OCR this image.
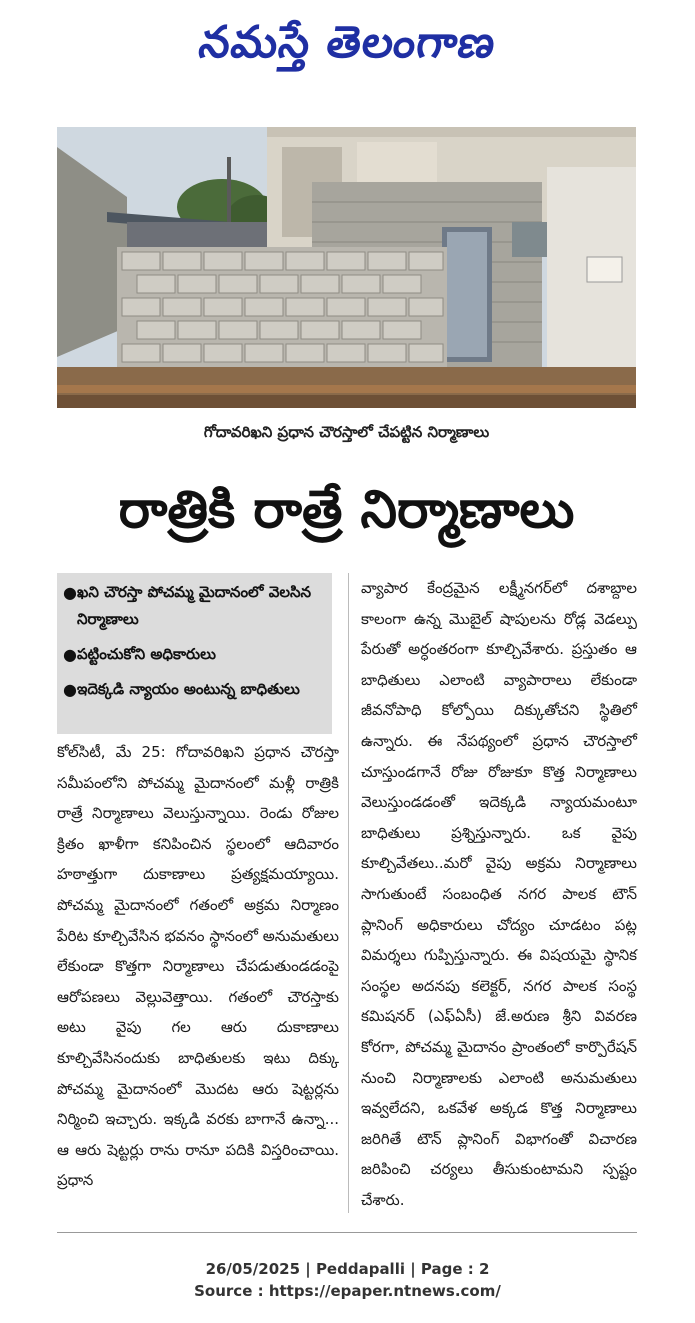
నమస్తే తెలంగాణ
గోదావరిఖని ప్రధాన చౌరస్తాలో చేపట్టిన నిర్మాణాలు
రాత్రికి రాత్రే నిర్మాణాలు
● ఖని చౌరస్తా పోచమ్మ మైదానంలో వెలసిన నిర్మాణాలు
● పట్టించుకోని అధికారులు
● ఇదెక్కడి న్యాయం అంటున్న బాధితులు
కోల్‌సిటీ, మే 25: గోదావరిఖని ప్రధాన చౌరస్తా సమీపంలోని పోచమ్మ మైదానంలో మళ్లీ రాత్రికి రాత్రే నిర్మాణాలు వెలుస్తున్నాయి. రెండు రోజుల క్రితం ఖాళీగా కనిపించిన స్థలంలో ఆదివారం హఠాత్తుగా దుకాణాలు ప్రత్యక్షమయ్యాయి. పోచమ్మ మైదానంలో గతంలో అక్రమ నిర్మాణం పేరిట కూల్చివేసిన భవనం స్థానంలో అనుమతులు లేకుండా కొత్తగా నిర్మాణాలు చేపడుతుండడంపై ఆరోపణలు వెల్లువెత్తాయి. గతంలో చౌరస్తాకు అటు వైపు గల ఆరు దుకాణాలు కూల్చివేసినందుకు బాధితులకు ఇటు దిక్కు పోచమ్మ మైదానంలో మొదట ఆరు షెట్టర్లను నిర్మించి ఇచ్చారు. ఇక్కడి వరకు బాగానే ఉన్నా... ఆ ఆరు షెట్టర్లు రాను రానూ పదికి విస్తరించాయి. ప్రధాన
వ్యాపార కేంద్రమైన లక్ష్మీనగర్‌లో దశాబ్దాల కాలంగా ఉన్న మొబైల్ షాపులను రోడ్ల వెడల్పు పేరుతో అర్ధంతరంగా కూల్చివేశారు. ప్రస్తుతం ఆ బాధితులు ఎలాంటి వ్యాపారాలు లేకుండా జీవనోపాధి కోల్పోయి దిక్కుతోచని స్థితిలో ఉన్నారు. ఈ నేపథ్యంలో ప్రధాన చౌరస్తాలో చూస్తుండగానే రోజు రోజుకూ కొత్త నిర్మాణాలు వెలుస్తుండడంతో ఇదెక్కడి న్యాయమంటూ బాధితులు ప్రశ్నిస్తున్నారు. ఒక వైపు కూల్చివేతలు..మరో వైపు అక్రమ నిర్మాణాలు సాగుతుంటే సంబంధిత నగర పాలక టౌన్ ప్లానింగ్ అధికారులు చోద్యం చూడటం పట్ల విమర్శలు గుప్పిస్తున్నారు. ఈ విషయమై స్థానిక సంస్థల అదనపు కలెక్టర్, నగర పాలక సంస్థ కమిషనర్ (ఎఫ్ఏసీ) జే.అరుణ శ్రీని వివరణ కోరగా, పోచమ్మ మైదానం ప్రాంతంలో కార్పొరేషన్ నుంచి నిర్మాణాలకు ఎలాంటి అనుమతులు ఇవ్వలేదని, ఒకవేళ అక్కడ కొత్త నిర్మాణాలు జరిగితే టౌన్ ప్లానింగ్ విభాగంతో విచారణ జరిపించి చర్యలు తీసుకుంటామని స్పష్టం చేశారు.
26/05/2025 | Peddapalli | Page : 2
Source : https://epaper.ntnews.com/
